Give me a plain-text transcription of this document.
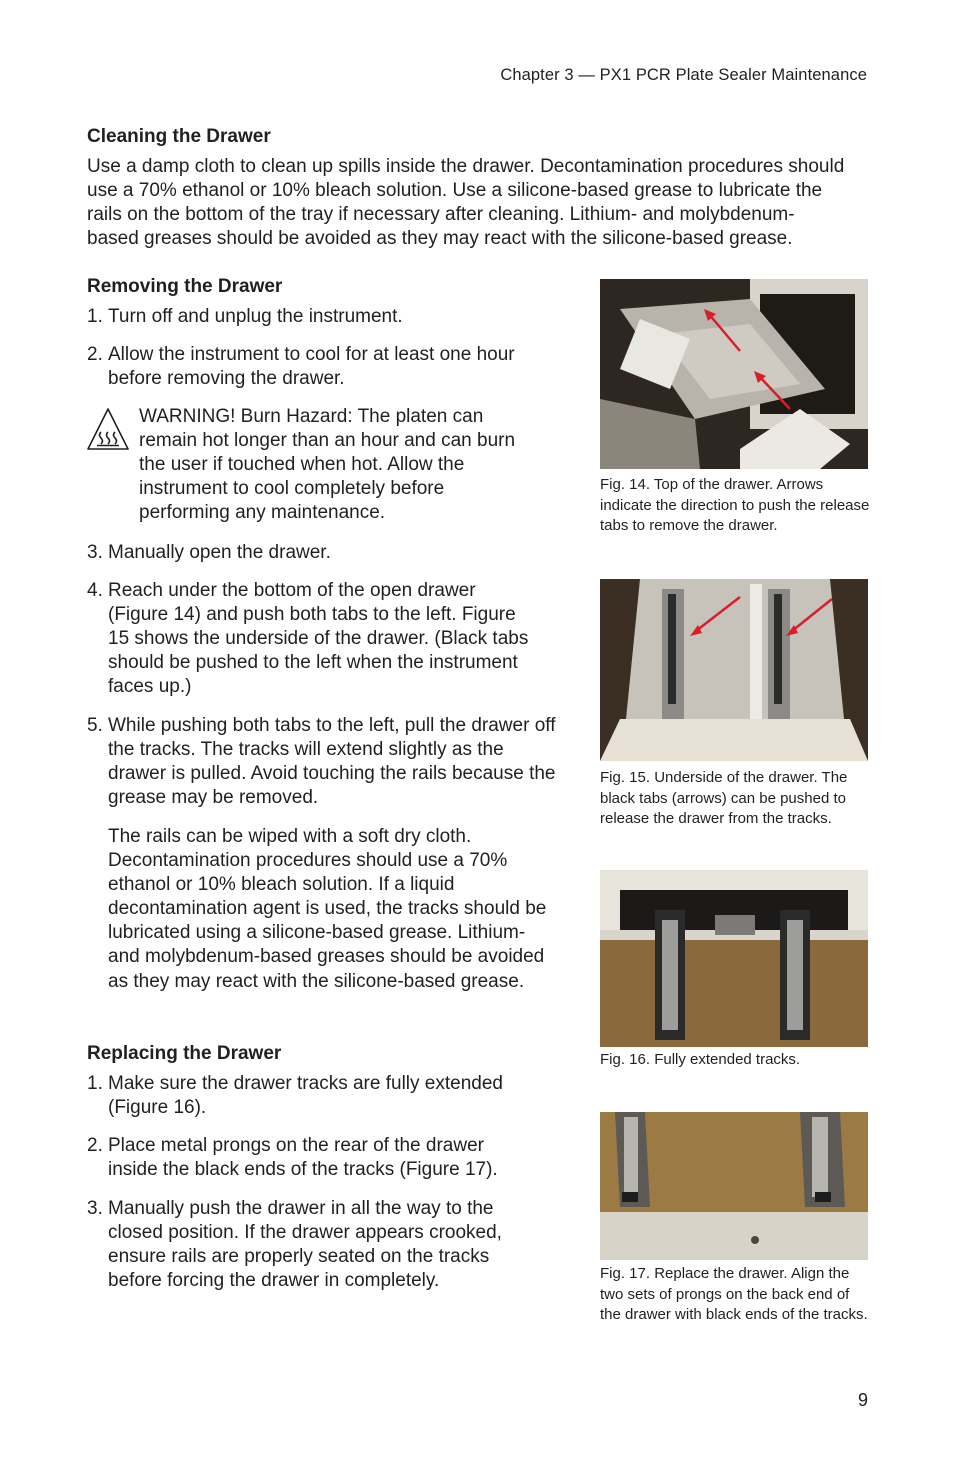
Chapter 3 — PX1 PCR Plate Sealer Maintenance
Cleaning the Drawer

Use a damp cloth to clean up spills inside the drawer. Decontamination procedures should
use a 70% ethanol or 10% bleach solution. Use a silicone-based grease to lubricate the
rails on the bottom of the tray if necessary after cleaning. Lithium- and molybdenum-
based greases should be avoided as they may react with the silicone-based grease.

Removing the Drawer
1. Turn off and unplug the instrument.
2. Allow the instrument to cool for at least one hour before removing the drawer.
WARNING! Burn Hazard: The platen can remain hot longer than an hour and can burn the user if touched when hot. Allow the instrument to cool completely before performing any maintenance.
3. Manually open the drawer.
4. Reach under the bottom of the open drawer (Figure 14) and push both tabs to the left. Figure 15 shows the underside of the drawer. (Black tabs should be pushed to the left when the instrument faces up.)
5. While pushing both tabs to the left, pull the drawer off the tracks. The tracks will extend slightly as the drawer is pulled. Avoid touching the rails because the grease may be removed.
The rails can be wiped with a soft dry cloth. Decontamination procedures should use a 70% ethanol or 10% bleach solution. If a liquid decontamination agent is used, the tracks should be lubricated using a silicone-based grease. Lithium- and molybdenum-based greases should be avoided as they may react with the silicone-based grease.
Replacing the Drawer
1. Make sure the drawer tracks are fully extended (Figure 16).
2. Place metal prongs on the rear of the drawer inside the black ends of the tracks (Figure 17).
3. Manually push the drawer in all the way to the closed position. If the drawer appears crooked, ensure rails are properly seated on the tracks before forcing the drawer in completely.
Fig. 14. Top of the drawer. Arrows indicate the direction to push the release tabs to remove the drawer.
Fig. 15. Underside of the drawer. The black tabs (arrows) can be pushed to release the drawer from the tracks.
Fig. 16. Fully extended tracks.
Fig. 17. Replace the drawer. Align the two sets of prongs on the back end of the drawer with black ends of the tracks.
9
